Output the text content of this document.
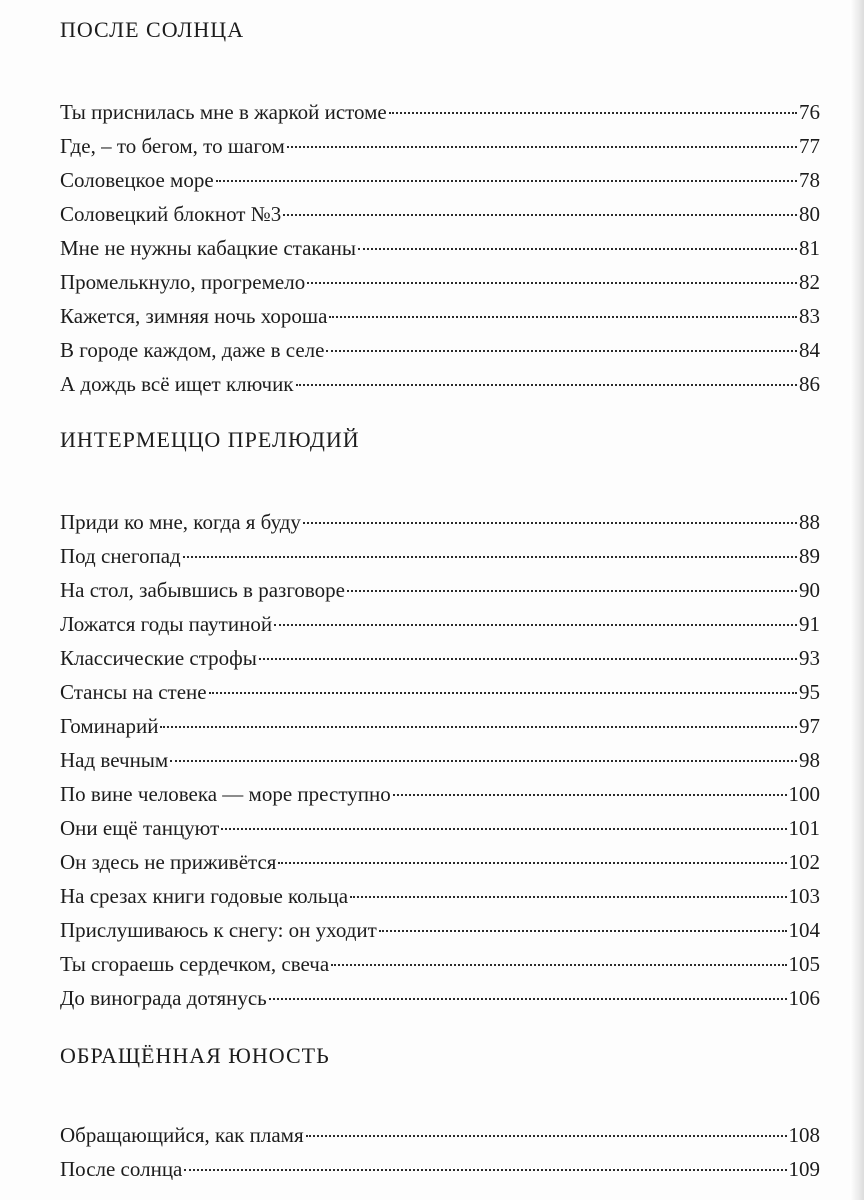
ПОСЛЕ СОЛНЦА
Ты приснилась мне в жаркой истоме	76
Где, – то бегом, то шагом	77
Соловецкое море	78
Соловецкий блокнот №3	80
Мне не нужны кабацкие стаканы	81
Промелькнуло, прогремело	82
Кажется, зимняя ночь хороша	83
В городе каждом, даже в селе	84
А дождь всё ищет ключик	86
ИНТЕРМЕЦЦО ПРЕЛЮДИЙ
Приди ко мне, когда я буду	88
Под снегопад	89
На стол, забывшись в разговоре	90
Ложатся годы паутиной	91
Классические строфы	93
Стансы на стене	95
Гоминарий	97
Над вечным	98
По вине человека — море преступно	100
Они ещё танцуют	101
Он здесь не приживётся	102
На срезах книги годовые кольца	103
Прислушиваюсь к снегу: он уходит	104
Ты сгораешь сердечком, свеча	105
До винограда дотянусь	106
ОБРАЩЁННАЯ ЮНОСТЬ
Обращающийся, как пламя	108
После солнца	109
